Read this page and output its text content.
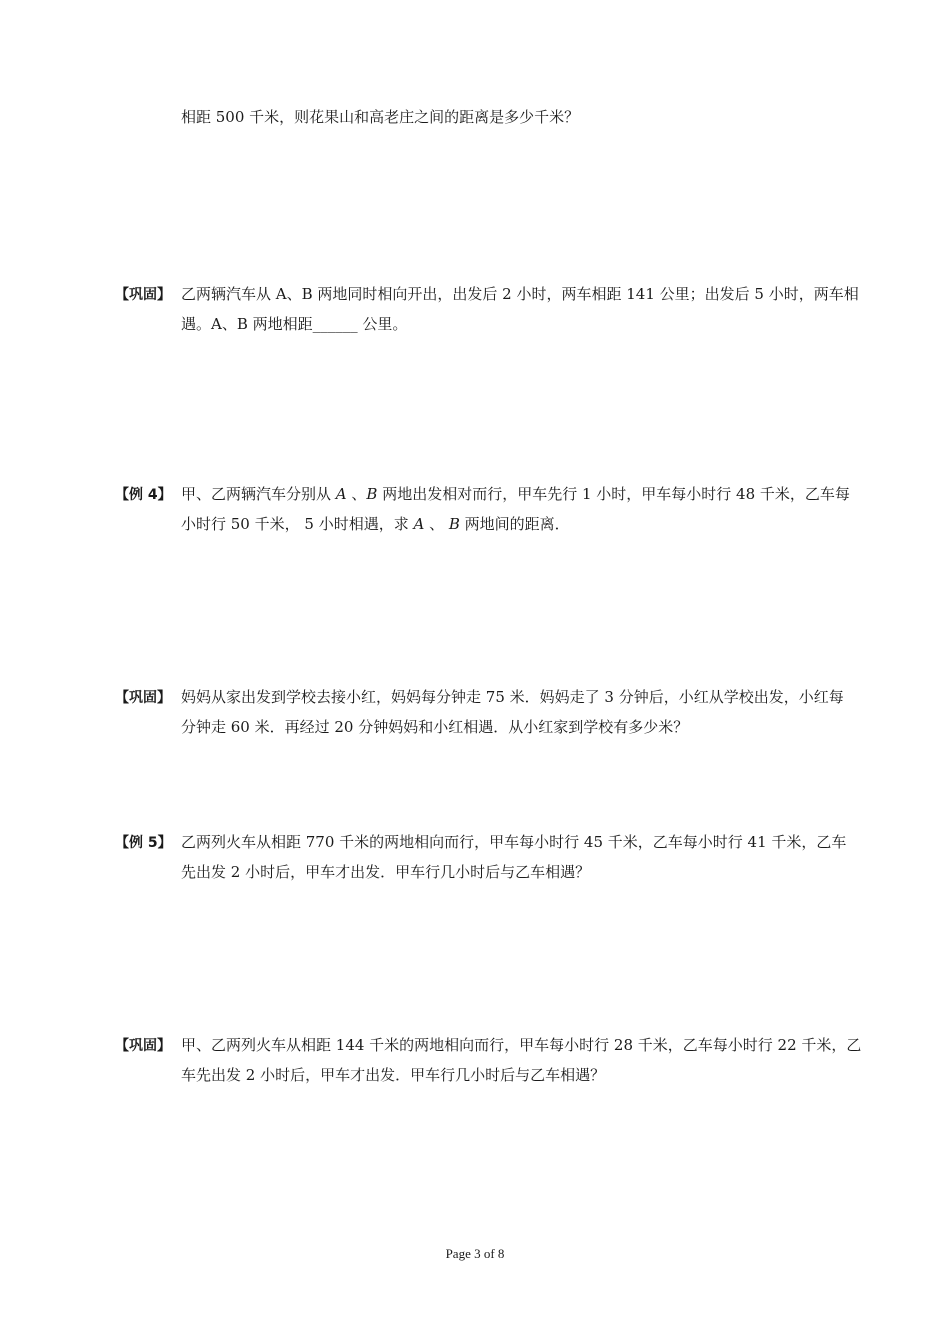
相距 500 千米，则花果山和高老庄之间的距离是多少千米？
【巩固】 乙两辆汽车从 A、B 两地同时相向开出，出发后 2 小时，两车相距 141 公里；出发后 5 小时，两车相
遇。A、B 两地相距______ 公里。
【例 4】 甲、乙两辆汽车分别从 A 、B 两地出发相对而行，甲车先行 1 小时，甲车每小时行 48 千米，乙车每
小时行 50 千米， 5 小时相遇，求 A 、 B 两地间的距离．
【巩固】 妈妈从家出发到学校去接小红，妈妈每分钟走 75 米．妈妈走了 3 分钟后，小红从学校出发，小红每
分钟走 60 米．再经过 20 分钟妈妈和小红相遇．从小红家到学校有多少米？
【例 5】 乙两列火车从相距 770 千米的两地相向而行，甲车每小时行 45 千米，乙车每小时行 41 千米，乙车
先出发 2 小时后，甲车才出发．甲车行几小时后与乙车相遇？
【巩固】 甲、乙两列火车从相距 144 千米的两地相向而行，甲车每小时行 28 千米，乙车每小时行 22 千米，乙
车先出发 2 小时后，甲车才出发．甲车行几小时后与乙车相遇？
Page 3 of 8
